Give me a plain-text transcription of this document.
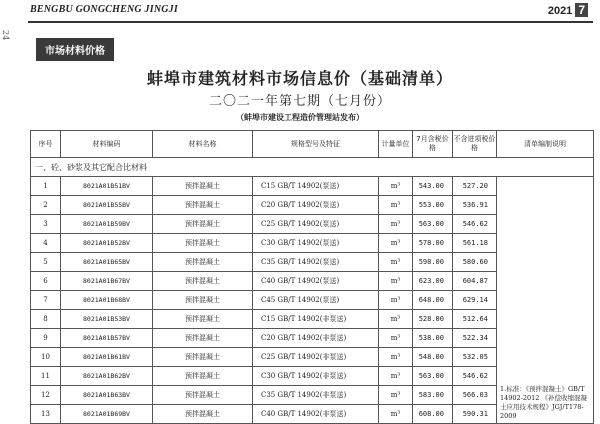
BENGBU GONGCHENG JINGJI	2021 7
24
市场材料价格
蚌埠市建筑材料市场信息价（基础清单）
二〇二一年第七期（七月份）
（蚌埠市建设工程造价管理站发布）
序号	材料编码	材料名称	规格型号及特征	计量单位	7月含税价格	不含进项税价格	清单编制说明
一、砼、砂浆及其它配合比材料							
1	8021A01B51BV	预拌混凝土	C15 GB/T 14902(泵送)	m³	543.00	527.20	1.标准：《预拌混凝土》GB/T 14902-2012 《补偿收缩混凝土应用技术规程》JGJ/T178-2009
2	8021A01B55BV	预拌混凝土	C20 GB/T 14902(泵送)	m³	553.00	536.91	
3	8021A01B59BV	预拌混凝土	C25 GB/T 14902(泵送)	m³	563.00	546.62	
4	8021A01B52BV	预拌混凝土	C30 GB/T 14902(泵送)	m³	578.00	561.18	
5	8021A01B65BV	预拌混凝土	C35 GB/T 14902(泵送)	m³	598.00	580.60	
6	8021A01B67BV	预拌混凝土	C40 GB/T 14902(泵送)	m³	623.00	604.87	
7	8021A01B68BV	预拌混凝土	C45 GB/T 14902(泵送)	m³	648.00	629.14	
8	8021A01B53BV	预拌混凝土	C15 GB/T 14902(非泵送)	m³	528.00	512.64	
9	8021A01B57BV	预拌混凝土	C20 GB/T 14902(非泵送)	m³	538.00	522.34	
10	8021A01B61BV	预拌混凝土	C25 GB/T 14902(非泵送)	m³	548.00	532.05	
11	8021A01B62BV	预拌混凝土	C30 GB/T 14902(非泵送)	m³	563.00	546.62	
12	8021A01B63BV	预拌混凝土	C35 GB/T 14902(非泵送)	m³	583.00	566.03	
13	8021A01B69BV	预拌混凝土	C40 GB/T 14902(非泵送)	m³	608.00	590.31	
